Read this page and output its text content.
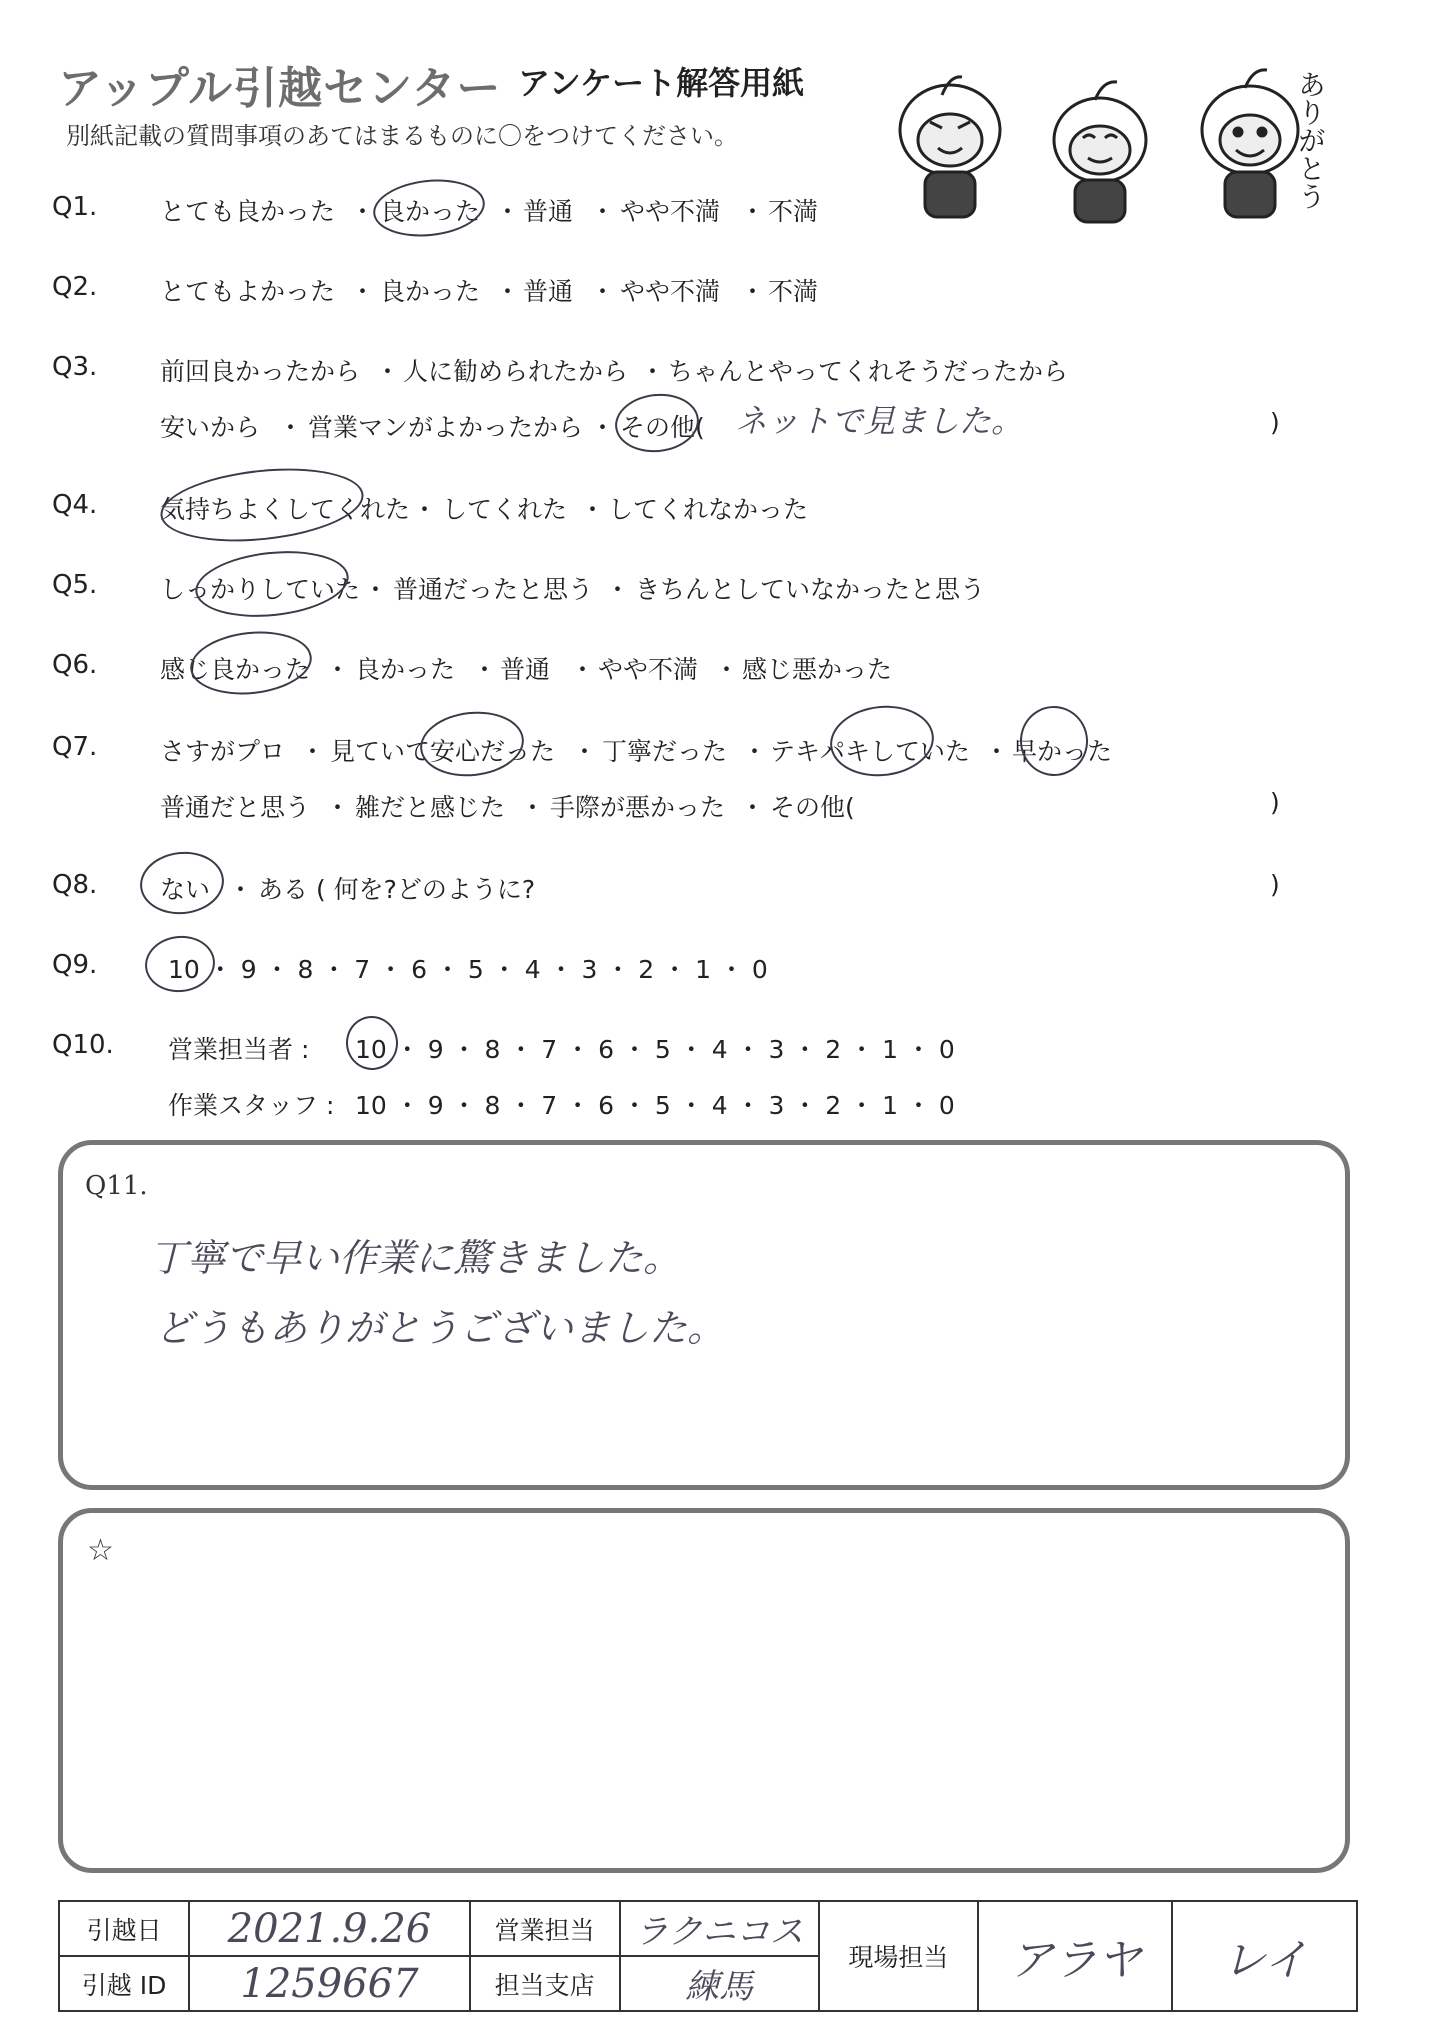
アップル引越センター アンケート解答用紙
別紙記載の質問事項のあてはまるものに〇をつけてください。	ありがとう
Q1.	とても良かった ・ 良かった ・ 普通 ・ やや不満 ・ 不満
Q2.	とてもよかった ・ 良かった ・ 普通 ・ やや不満 ・ 不満
Q3.	前回良かったから ・ 人に勧められたから ・ ちゃんとやってくれそうだったから
安いから ・ 営業マンがよかったから ・ その他( ネットで見ました。	)
Q4.	気持ちよくしてくれた ・ してくれた ・ してくれなかった
Q5.	しっかりしていた ・ 普通だったと思う ・ きちんとしていなかったと思う
Q6.	感じ良かった ・ 良かった ・ 普通 ・ やや不満 ・ 感じ悪かった
Q7.	さすがプロ ・ 見ていて安心だった ・ 丁寧だった ・ テキパキしていた ・ 早かった
普通だと思う ・ 雑だと感じた ・ 手際が悪かった ・ その他(	)
Q8.	ない ・ ある ( 何を?どのように?	)
Q9.	10 ・ 9 ・ 8 ・ 7 ・ 6 ・ 5 ・ 4 ・ 3 ・ 2 ・ 1 ・ 0
Q10. 営業担当者 : 10 ・ 9 ・ 8 ・ 7 ・ 6 ・ 5 ・ 4 ・ 3 ・ 2 ・ 1 ・ 0
作業スタッフ : 10 ・ 9 ・ 8 ・ 7 ・ 6 ・ 5 ・ 4 ・ 3 ・ 2 ・ 1 ・ 0
Q11.
丁寧で早い作業に驚きました。
どうもありがとうございました。
☆
引越日	2021.9.26	営業担当	ラクニコス	現場担当	アラヤ	レイ
引越 ID	1259667	担当支店	練馬			
